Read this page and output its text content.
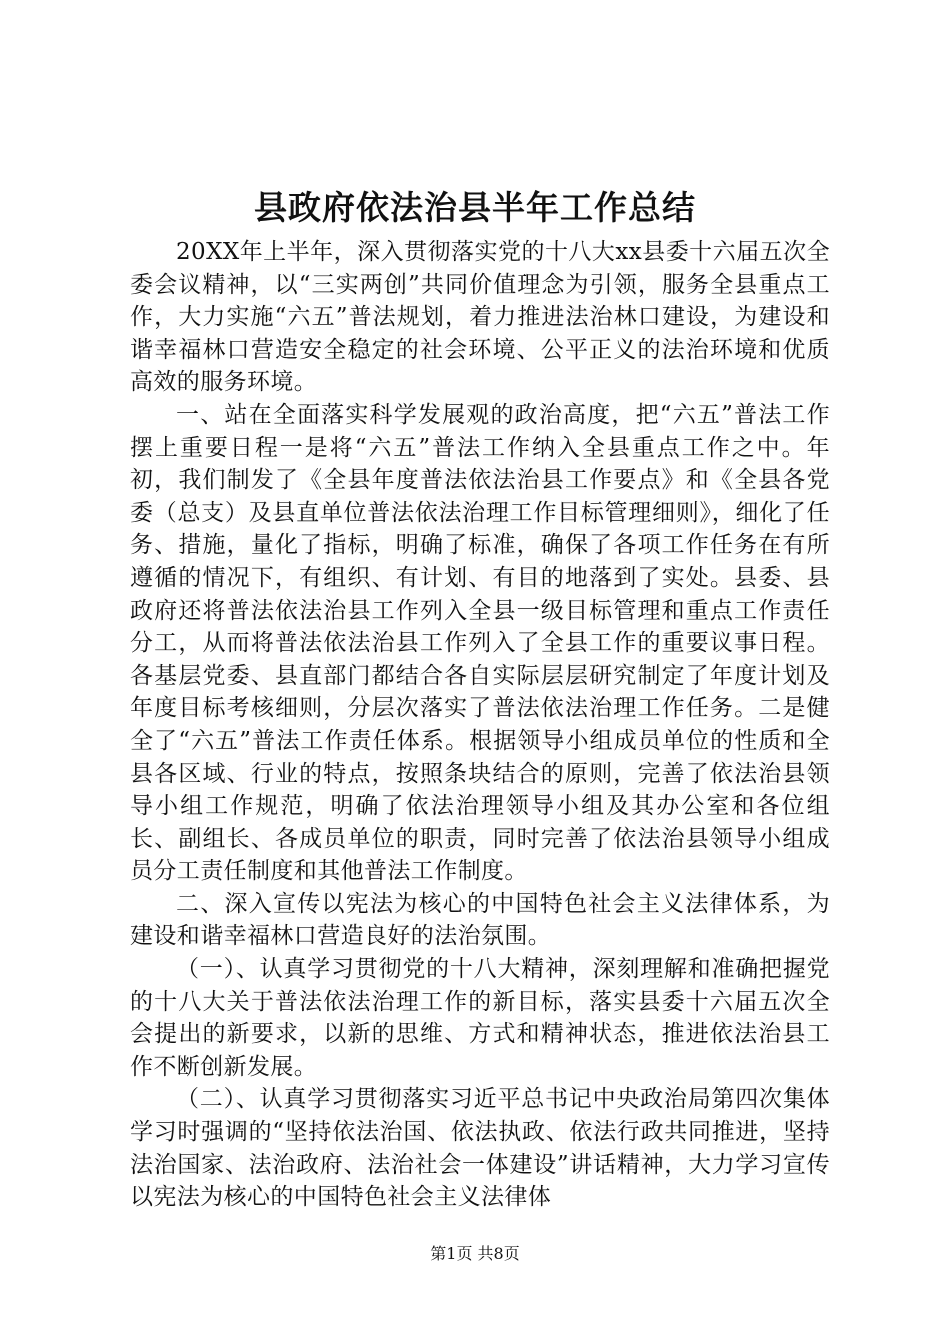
县政府依法治县半年工作总结

20XX年上半年，深入贯彻落实党的十八大xx县委十六届五次全委会议精神，以“三实两创”共同价值理念为引领，服务全县重点工作，大力实施“六五”普法规划，着力推进法治林口建设，为建设和谐幸福林口营造安全稳定的社会环境、公平正义的法治环境和优质高效的服务环境。

一、站在全面落实科学发展观的政治高度，把“六五”普法工作摆上重要日程一是将“六五”普法工作纳入全县重点工作之中。年初，我们制发了《全县年度普法依法治县工作要点》和《全县各党委（总支）及县直单位普法依法治理工作目标管理细则》，细化了任务、措施，量化了指标，明确了标准，确保了各项工作任务在有所遵循的情况下，有组织、有计划、有目的地落到了实处。县委、县政府还将普法依法治县工作列入全县一级目标管理和重点工作责任分工，从而将普法依法治县工作列入了全县工作的重要议事日程。各基层党委、县直部门都结合各自实际层层研究制定了年度计划及年度目标考核细则，分层次落实了普法依法治理工作任务。二是健全了“六五”普法工作责任体系。根据领导小组成员单位的性质和全县各区域、行业的特点，按照条块结合的原则，完善了依法治县领导小组工作规范，明确了依法治理领导小组及其办公室和各位组长、副组长、各成员单位的职责，同时完善了依法治县领导小组成员分工责任制度和其他普法工作制度。

二、深入宣传以宪法为核心的中国特色社会主义法律体系，为建设和谐幸福林口营造良好的法治氛围。

（一）、认真学习贯彻党的十八大精神，深刻理解和准确把握党的十八大关于普法依法治理工作的新目标，落实县委十六届五次全会提出的新要求，以新的思维、方式和精神状态，推进依法治县工作不断创新发展。

（二）、认真学习贯彻落实习近平总书记中央政治局第四次集体学习时强调的“坚持依法治国、依法执政、依法行政共同推进，坚持法治国家、法治政府、法治社会一体建设”讲话精神，大力学习宣传以宪法为核心的中国特色社会主义法律体

第1页 共8页
